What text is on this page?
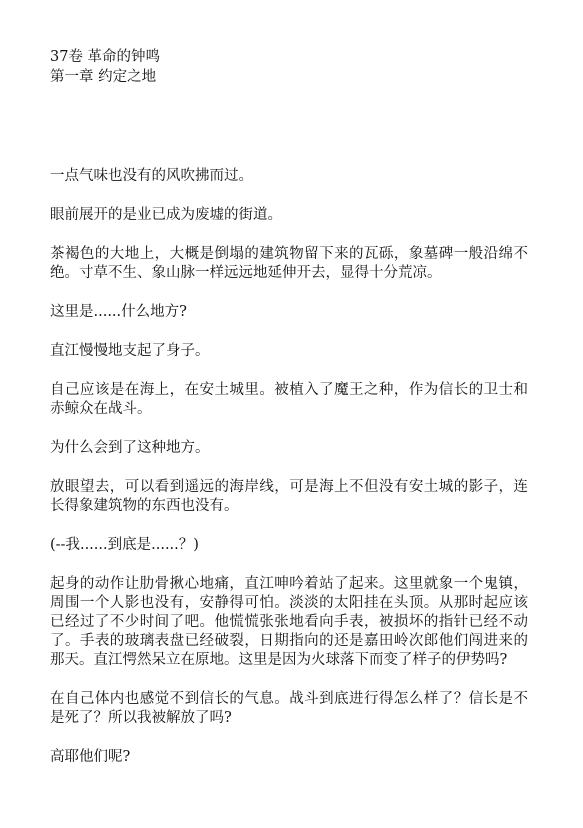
37卷 革命的钟鸣

第一章 约定之地

一点气味也没有的风吹拂而过。

眼前展开的是业已成为废墟的街道。

茶褐色的大地上，大概是倒塌的建筑物留下来的瓦砾，象墓碑一般沿绵不绝。寸草不生、象山脉一样远远地延伸开去，显得十分荒凉。

这里是......什么地方?

直江慢慢地支起了身子。

自己应该是在海上，在安土城里。被植入了魔王之种，作为信长的卫士和赤鲸众在战斗。

为什么会到了这种地方。

放眼望去，可以看到遥远的海岸线，可是海上不但没有安土城的影子，连长得象建筑物的东西也没有。

(--我......到底是......？)

起身的动作让肋骨揪心地痛，直江呻吟着站了起来。这里就象一个鬼镇，周围一个人影也没有，安静得可怕。淡淡的太阳挂在头顶。从那时起应该已经过了不少时间了吧。他慌慌张张地看向手表，被损坏的指针已经不动了。手表的玻璃表盘已经破裂，日期指向的还是嘉田岭次郎他们闯进来的那天。直江愕然呆立在原地。这里是因为火球落下而变了样子的伊势吗?

在自己体内也感觉不到信长的气息。战斗到底进行得怎么样了？信长是不是死了？所以我被解放了吗?

高耶他们呢?
